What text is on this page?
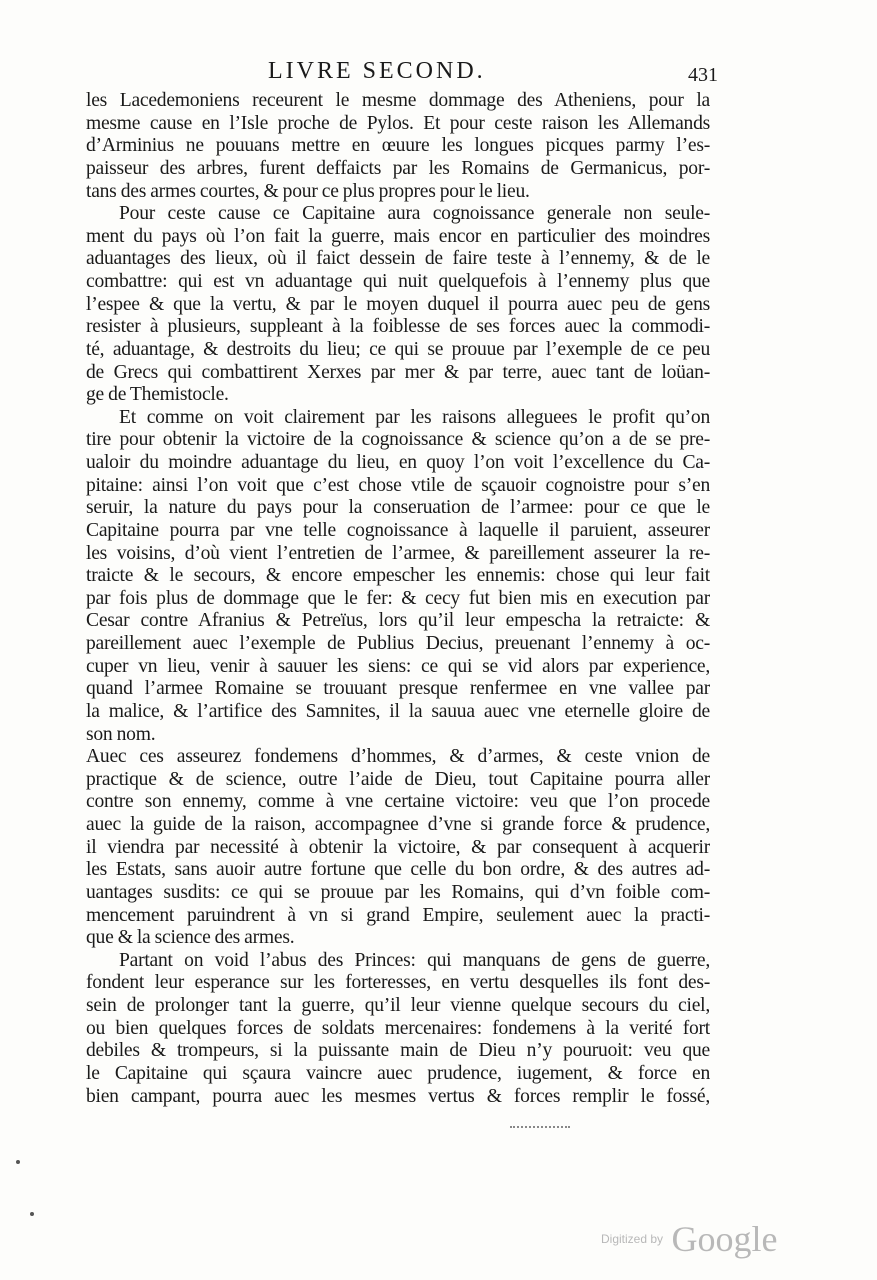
LIVRE SECOND.	431
les Lacedemoniens receurent le mesme dommage des Atheniens, pour la
mesme cause en l’Isle proche de Pylos. Et pour ceste raison les Allemands
d’Arminius ne pouuans mettre en œuure les longues picques parmy l’es-
paisseur des arbres, furent deffaicts par les Romains de Germanicus, por-
tans des armes courtes, & pour ce plus propres pour le lieu.
Pour ceste cause ce Capitaine aura cognoissance generale non seule-
ment du pays où l’on fait la guerre, mais encor en particulier des moindres
aduantages des lieux, où il faict dessein de faire teste à l’ennemy, & de le
combattre: qui est vn aduantage qui nuit quelquefois à l’ennemy plus que
l’espee & que la vertu, & par le moyen duquel il pourra auec peu de gens
resister à plusieurs, suppleant à la foiblesse de ses forces auec la commodi-
té, aduantage, & destroits du lieu; ce qui se prouue par l’exemple de ce peu
de Grecs qui combattirent Xerxes par mer & par terre, auec tant de loüan-
ge de Themistocle.
Et comme on voit clairement par les raisons alleguees le profit qu’on
tire pour obtenir la victoire de la cognoissance & science qu’on a de se pre-
ualoir du moindre aduantage du lieu, en quoy l’on voit l’excellence du Ca-
pitaine: ainsi l’on voit que c’est chose vtile de sçauoir cognoistre pour s’en
seruir, la nature du pays pour la conseruation de l’armee: pour ce que le
Capitaine pourra par vne telle cognoissance à laquelle il paruient, asseurer
les voisins, d’où vient l’entretien de l’armee, & pareillement asseurer la re-
traicte & le secours, & encore empescher les ennemis: chose qui leur fait
par fois plus de dommage que le fer: & cecy fut bien mis en execution par
Cesar contre Afranius & Petreïus, lors qu’il leur empescha la retraicte: &
pareillement auec l’exemple de Publius Decius, preuenant l’ennemy à oc-
cuper vn lieu, venir à sauuer les siens: ce qui se vid alors par experience,
quand l’armee Romaine se trouuant presque renfermee en vne vallee par
la malice, & l’artifice des Samnites, il la sauua auec vne eternelle gloire de
son nom.
Auec ces asseurez fondemens d’hommes, & d’armes, & ceste vnion de
practique & de science, outre l’aide de Dieu, tout Capitaine pourra aller
contre son ennemy, comme à vne certaine victoire: veu que l’on procede
auec la guide de la raison, accompagnee d’vne si grande force & prudence,
il viendra par necessité à obtenir la victoire, & par consequent à acquerir
les Estats, sans auoir autre fortune que celle du bon ordre, & des autres ad-
uantages susdits: ce qui se prouue par les Romains, qui d’vn foible com-
mencement paruindrent à vn si grand Empire, seulement auec la practi-
que & la science des armes.
Partant on void l’abus des Princes: qui manquans de gens de guerre,
fondent leur esperance sur les forteresses, en vertu desquelles ils font des-
sein de prolonger tant la guerre, qu’il leur vienne quelque secours du ciel,
ou bien quelques forces de soldats mercenaires: fondemens à la verité fort
debiles & trompeurs, si la puissante main de Dieu n’y pouruoit: veu que
le Capitaine qui sçaura vaincre auec prudence, iugement, & force en
bien campant, pourra auec les mesmes vertus & forces remplir le fossé,
Digitized by Google
